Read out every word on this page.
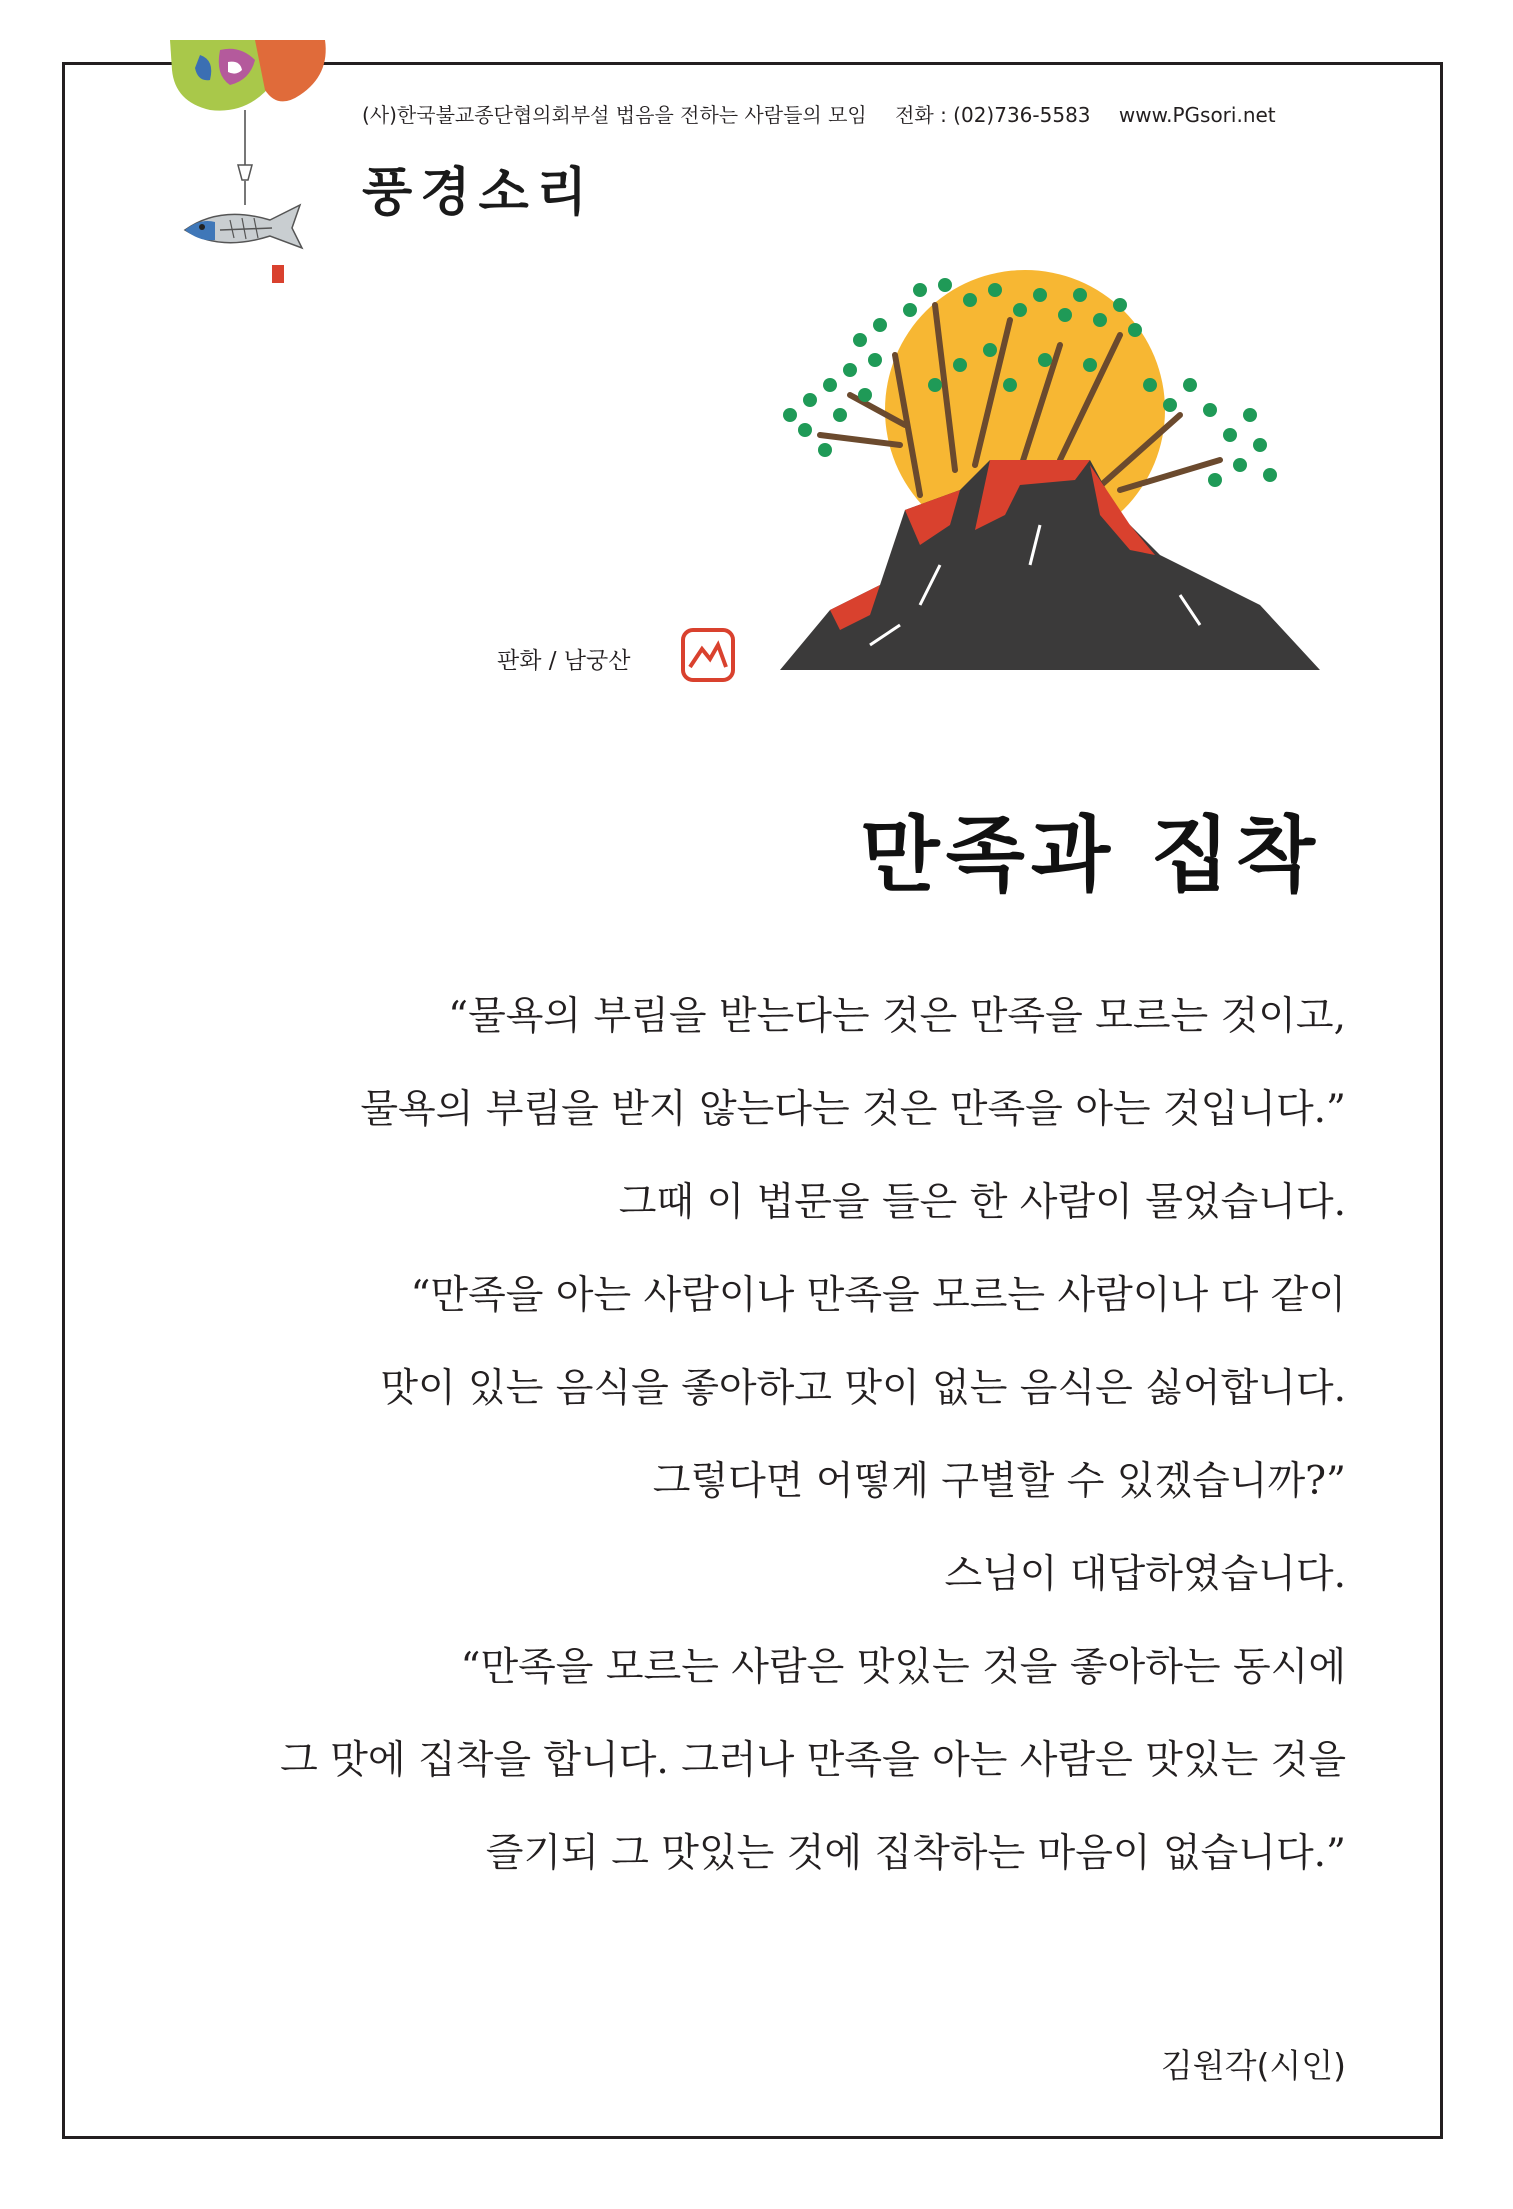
(사)한국불교종단협의회부설 법음을 전하는 사람들의 모임 전화 : (02)736-5583 www.PGsori.net
풍경소리
판화 / 남궁산
만족과 집착
“물욕의 부림을 받는다는 것은 만족을 모르는 것이고,
물욕의 부림을 받지 않는다는 것은 만족을 아는 것입니다.”
그때 이 법문을 들은 한 사람이 물었습니다.
“만족을 아는 사람이나 만족을 모르는 사람이나 다 같이
맛이 있는 음식을 좋아하고 맛이 없는 음식은 싫어합니다.
그렇다면 어떻게 구별할 수 있겠습니까?”
스님이 대답하였습니다.
“만족을 모르는 사람은 맛있는 것을 좋아하는 동시에
그 맛에 집착을 합니다. 그러나 만족을 아는 사람은 맛있는 것을
즐기되 그 맛있는 것에 집착하는 마음이 없습니다.”
김원각(시인)
